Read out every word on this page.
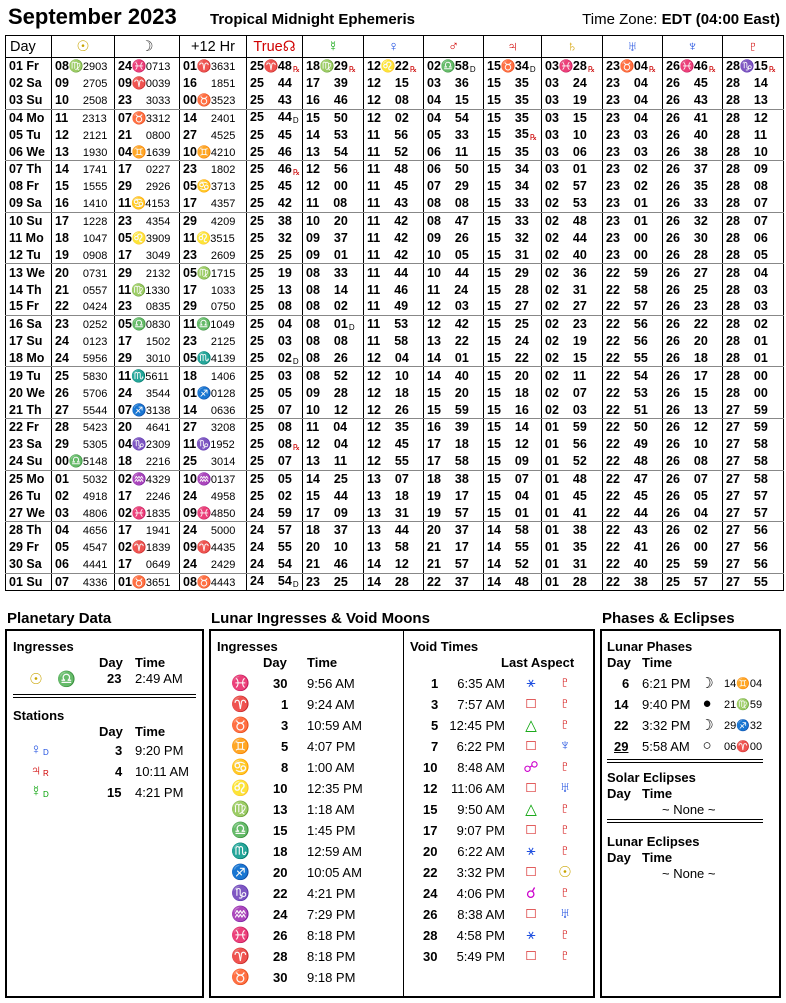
September 2023 Tropical Midnight Ephemeris	Time Zone: EDT (04:00 East)
Day	☉	☽	+12 Hr	True☊	☿	♀	♂	♃	♄	♅	♆	♇
01 Fr	08♍2903	24♓0713	01♈3631	25♈48℞	18♍29℞	12♌22℞	02♎58D	15♉34D	03♓28℞	23♉04℞	26♓46℞	28♑15℞
02 Sa	09 2705	09♈0039	16 1851	25 44	17 39	12 15	03 36	15 35	03 24	23 04	26 45	28 14
03 Su	10 2508	23 3033	00♉3523	25 43	16 46	12 08	04 15	15 35	03 19	23 04	26 43	28 13
04 Mo	11 2313	07♉3312	14 2401	25 44D	15 50	12 02	04 54	15 35	03 15	23 04	26 41	28 12
05 Tu	12 2121	21 0800	27 4525	25 45	14 53	11 56	05 33	15 35℞	03 10	23 03	26 40	28 11
06 We	13 1930	04♊1639	10♊4210	25 46	13 54	11 52	06 11	15 35	03 06	23 03	26 38	28 10
07 Th	14 1741	17 0227	23 1802	25 46℞	12 56	11 48	06 50	15 34	03 01	23 02	26 37	28 09
08 Fr	15 1555	29 2926	05♋3713	25 45	12 00	11 45	07 29	15 34	02 57	23 02	26 35	28 08
09 Sa	16 1410	11♋4153	17 4357	25 42	11 08	11 43	08 08	15 33	02 53	23 01	26 33	28 07
10 Su	17 1228	23 4354	29 4209	25 38	10 20	11 42	08 47	15 33	02 48	23 01	26 32	28 07
11 Mo	18 1047	05♌3909	11♌3515	25 32	09 37	11 42	09 26	15 32	02 44	23 00	26 30	28 06
12 Tu	19 0908	17 3049	23 2609	25 25	09 01	11 42	10 05	15 31	02 40	23 00	26 28	28 05
13 We	20 0731	29 2132	05♍1715	25 19	08 33	11 44	10 44	15 29	02 36	22 59	26 27	28 04
14 Th	21 0557	11♍1330	17 1033	25 13	08 14	11 46	11 24	15 28	02 31	22 58	26 25	28 03
15 Fr	22 0424	23 0835	29 0750	25 08	08 02	11 49	12 03	15 27	02 27	22 57	26 23	28 03
16 Sa	23 0252	05♎0830	11♎1049	25 04	08 01D	11 53	12 42	15 25	02 23	22 56	26 22	28 02
17 Su	24 0123	17 1502	23 2125	25 03	08 08	11 58	13 22	15 24	02 19	22 56	26 20	28 01
18 Mo	24 5956	29 3010	05♏4139	25 02D	08 26	12 04	14 01	15 22	02 15	22 55	26 18	28 01
19 Tu	25 5830	11♏5611	18 1406	25 03	08 52	12 10	14 40	15 20	02 11	22 54	26 17	28 00
20 We	26 5706	24 3544	01♐0128	25 05	09 28	12 18	15 20	15 18	02 07	22 53	26 15	28 00
21 Th	27 5544	07♐3138	14 0636	25 07	10 12	12 26	15 59	15 16	02 03	22 51	26 13	27 59
22 Fr	28 5423	20 4641	27 3208	25 08	11 04	12 35	16 39	15 14	01 59	22 50	26 12	27 59
23 Sa	29 5305	04♑2309	11♑1952	25 08℞	12 04	12 45	17 18	15 12	01 56	22 49	26 10	27 58
24 Su	00♎5148	18 2216	25 3014	25 07	13 11	12 55	17 58	15 09	01 52	22 48	26 08	27 58
25 Mo	01 5032	02♒4329	10♒0137	25 05	14 25	13 07	18 38	15 07	01 48	22 47	26 07	27 58
26 Tu	02 4918	17 2246	24 4958	25 02	15 44	13 18	19 17	15 04	01 45	22 45	26 05	27 57
27 We	03 4806	02♓1835	09♓4850	24 59	17 09	13 31	19 57	15 01	01 41	22 44	26 04	27 57
28 Th	04 4656	17 1941	24 5000	24 57	18 37	13 44	20 37	14 58	01 38	22 43	26 02	27 56
29 Fr	05 4547	02♈1839	09♈4435	24 55	20 10	13 58	21 17	14 55	01 35	22 41	26 00	27 56
30 Sa	06 4441	17 0649	24 2429	24 54	21 46	14 12	21 57	14 52	01 31	22 40	25 59	27 56
01 Su	07 4336	01♉3651	08♉4443	24 54D	23 25	14 28	22 37	14 48	01 28	22 38	25 57	27 55
Planetary Data
Ingresses
Day Time
☉ ♎ 23 2:49 AM
Stations
Day Time
♀ D	3 9:20 PM
♃ R	4 10:11 AM
☿ D	15 4:21 PM
Lunar Ingresses & Void Moons
Ingresses
Day Time
♓ 30 9:56 AM
♈ 1 9:24 AM
♉ 3 10:59 AM
♊ 5 4:07 PM
♋ 8 1:00 AM
♌ 10 12:35 PM
♍ 13 1:18 AM
♎ 15 1:45 PM
♏ 18 12:59 AM
♐ 20 10:05 AM
♑ 22 4:21 PM
♒ 24 7:29 PM
♓ 26 8:18 PM
♈ 28 8:18 PM
♉ 30 9:18 PM
Void Times
Last Aspect
1	6:35 AM ⚹	♇
3	7:57 AM □ ♇
5 12:45 PM △ ♇
7	6:22 PM □ ♆
10	8:48 AM ☍ ♇
12	11:06 AM □ ♅
15	9:50 AM △ ♇
17	9:07 PM □ ♇
20	6:22 AM ⚹	♇
22	3:32 PM □ ☉
24	4:06 PM ☌ ♇
26	8:38 AM □ ♅
28	4:58 PM ⚹	♇
30	5:49 PM □ ♇
Phases & Eclipses
Lunar Phases
Day Time
6 6:21 PM ☽ 14♊04
14 9:40 PM ●	21♍59
22 3:32 PM ☽ 29♐32
29 5:58 AM ○	06♈00
Solar Eclipses
Day Time
~ None ~
Lunar Eclipses
Day Time
~ None ~
